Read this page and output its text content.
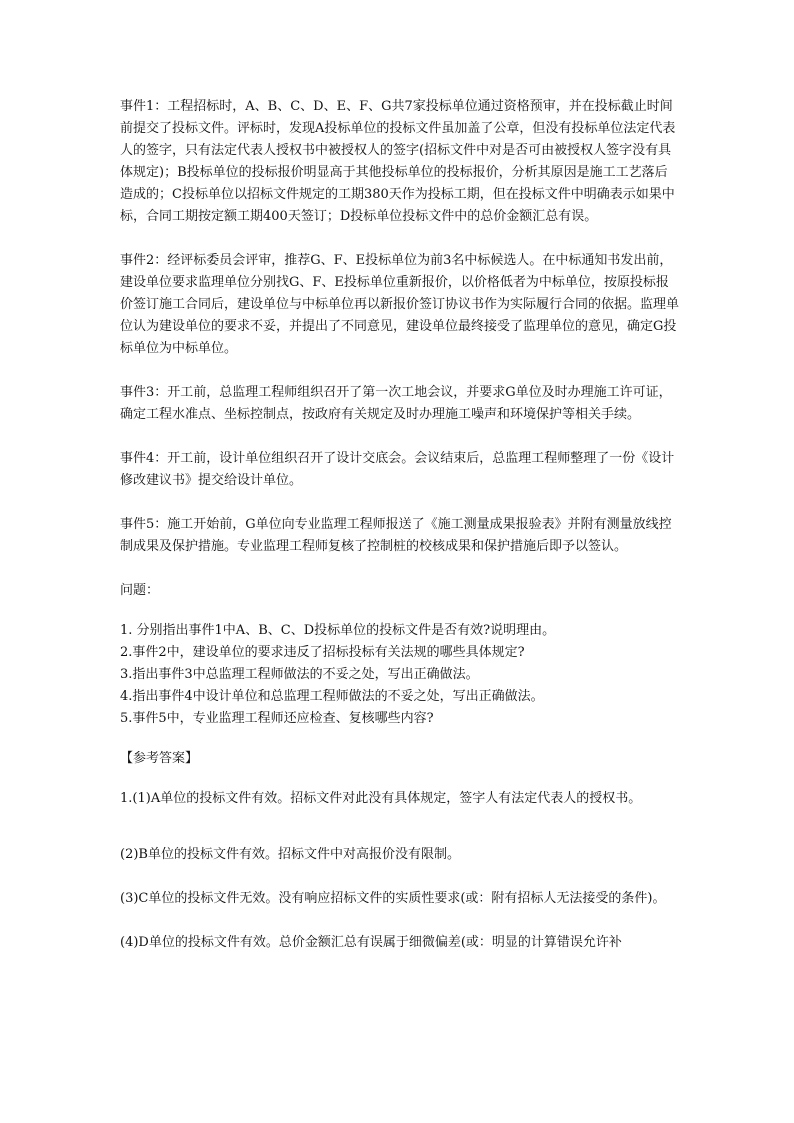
事件1：工程招标时，A、B、C、D、E、F、G共7家投标单位通过资格预审，并在投标截止时间前提交了投标文件。评标时，发现A投标单位的投标文件虽加盖了公章，但没有投标单位法定代表人的签字，只有法定代表人授权书中被授权人的签字(招标文件中对是否可由被授权人签字没有具体规定)；B投标单位的投标报价明显高于其他投标单位的投标报价，分析其原因是施工工艺落后造成的；C投标单位以招标文件规定的工期380天作为投标工期，但在投标文件中明确表示如果中标，合同工期按定额工期400天签订；D投标单位投标文件中的总价金额汇总有误。

事件2：经评标委员会评审，推荐G、F、E投标单位为前3名中标候选人。在中标通知书发出前，建设单位要求监理单位分别找G、F、E投标单位重新报价，以价格低者为中标单位，按原投标报价签订施工合同后，建设单位与中标单位再以新报价签订协议书作为实际履行合同的依据。监理单位认为建设单位的要求不妥，并提出了不同意见，建设单位最终接受了监理单位的意见，确定G投标单位为中标单位。

事件3：开工前，总监理工程师组织召开了第一次工地会议，并要求G单位及时办理施工许可证，确定工程水准点、坐标控制点，按政府有关规定及时办理施工噪声和环境保护等相关手续。

事件4：开工前，设计单位组织召开了设计交底会。会议结束后，总监理工程师整理了一份《设计修改建议书》提交给设计单位。

事件5：施工开始前，G单位向专业监理工程师报送了《施工测量成果报验表》并附有测量放线控制成果及保护措施。专业监理工程师复核了控制桩的校核成果和保护措施后即予以签认。

问题：

1. 分别指出事件1中A、B、C、D投标单位的投标文件是否有效?说明理由。

2.事件2中，建设单位的要求违反了招标投标有关法规的哪些具体规定?

3.指出事件3中总监理工程师做法的不妥之处，写出正确做法。

4.指出事件4中设计单位和总监理工程师做法的不妥之处，写出正确做法。

5.事件5中，专业监理工程师还应检查、复核哪些内容?

【参考答案】

1.(1)A单位的投标文件有效。招标文件对此没有具体规定，签字人有法定代表人的授权书。

(2)B单位的投标文件有效。招标文件中对高报价没有限制。

(3)C单位的投标文件无效。没有响应招标文件的实质性要求(或：附有招标人无法接受的条件)。

(4)D单位的投标文件有效。总价金额汇总有误属于细微偏差(或：明显的计算错误允许补
